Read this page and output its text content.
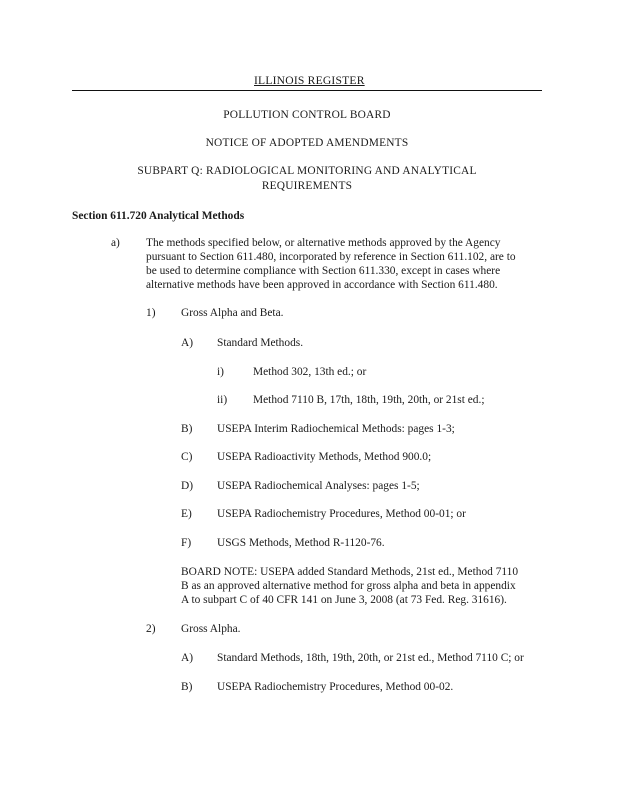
ILLINOIS REGISTER
POLLUTION CONTROL BOARD
NOTICE OF ADOPTED AMENDMENTS
SUBPART Q: RADIOLOGICAL MONITORING AND ANALYTICAL
REQUIREMENTS
Section 611.720 Analytical Methods
a) The methods specified below, or alternative methods approved by the Agency
pursuant to Section 611.480, incorporated by reference in Section 611.102, are to
be used to determine compliance with Section 611.330, except in cases where
alternative methods have been approved in accordance with Section 611.480.
1) Gross Alpha and Beta.
A) Standard Methods.
i)	Method 302, 13th ed.; or
ii) Method 7110 B, 17th, 18th, 19th, 20th, or 21st ed.;
B) USEPA Interim Radiochemical Methods: pages 1-3;
C) USEPA Radioactivity Methods, Method 900.0;
D) USEPA Radiochemical Analyses: pages 1-5;
E) USEPA Radiochemistry Procedures, Method 00-01; or
F) USGS Methods, Method R-1120-76.
BOARD NOTE: USEPA added Standard Methods, 21st ed., Method 7110
B as an approved alternative method for gross alpha and beta in appendix
A to subpart C of 40 CFR 141 on June 3, 2008 (at 73 Fed. Reg. 31616).
2) Gross Alpha.
A) Standard Methods, 18th, 19th, 20th, or 21st ed., Method 7110 C; or
B) USEPA Radiochemistry Procedures, Method 00-02.
